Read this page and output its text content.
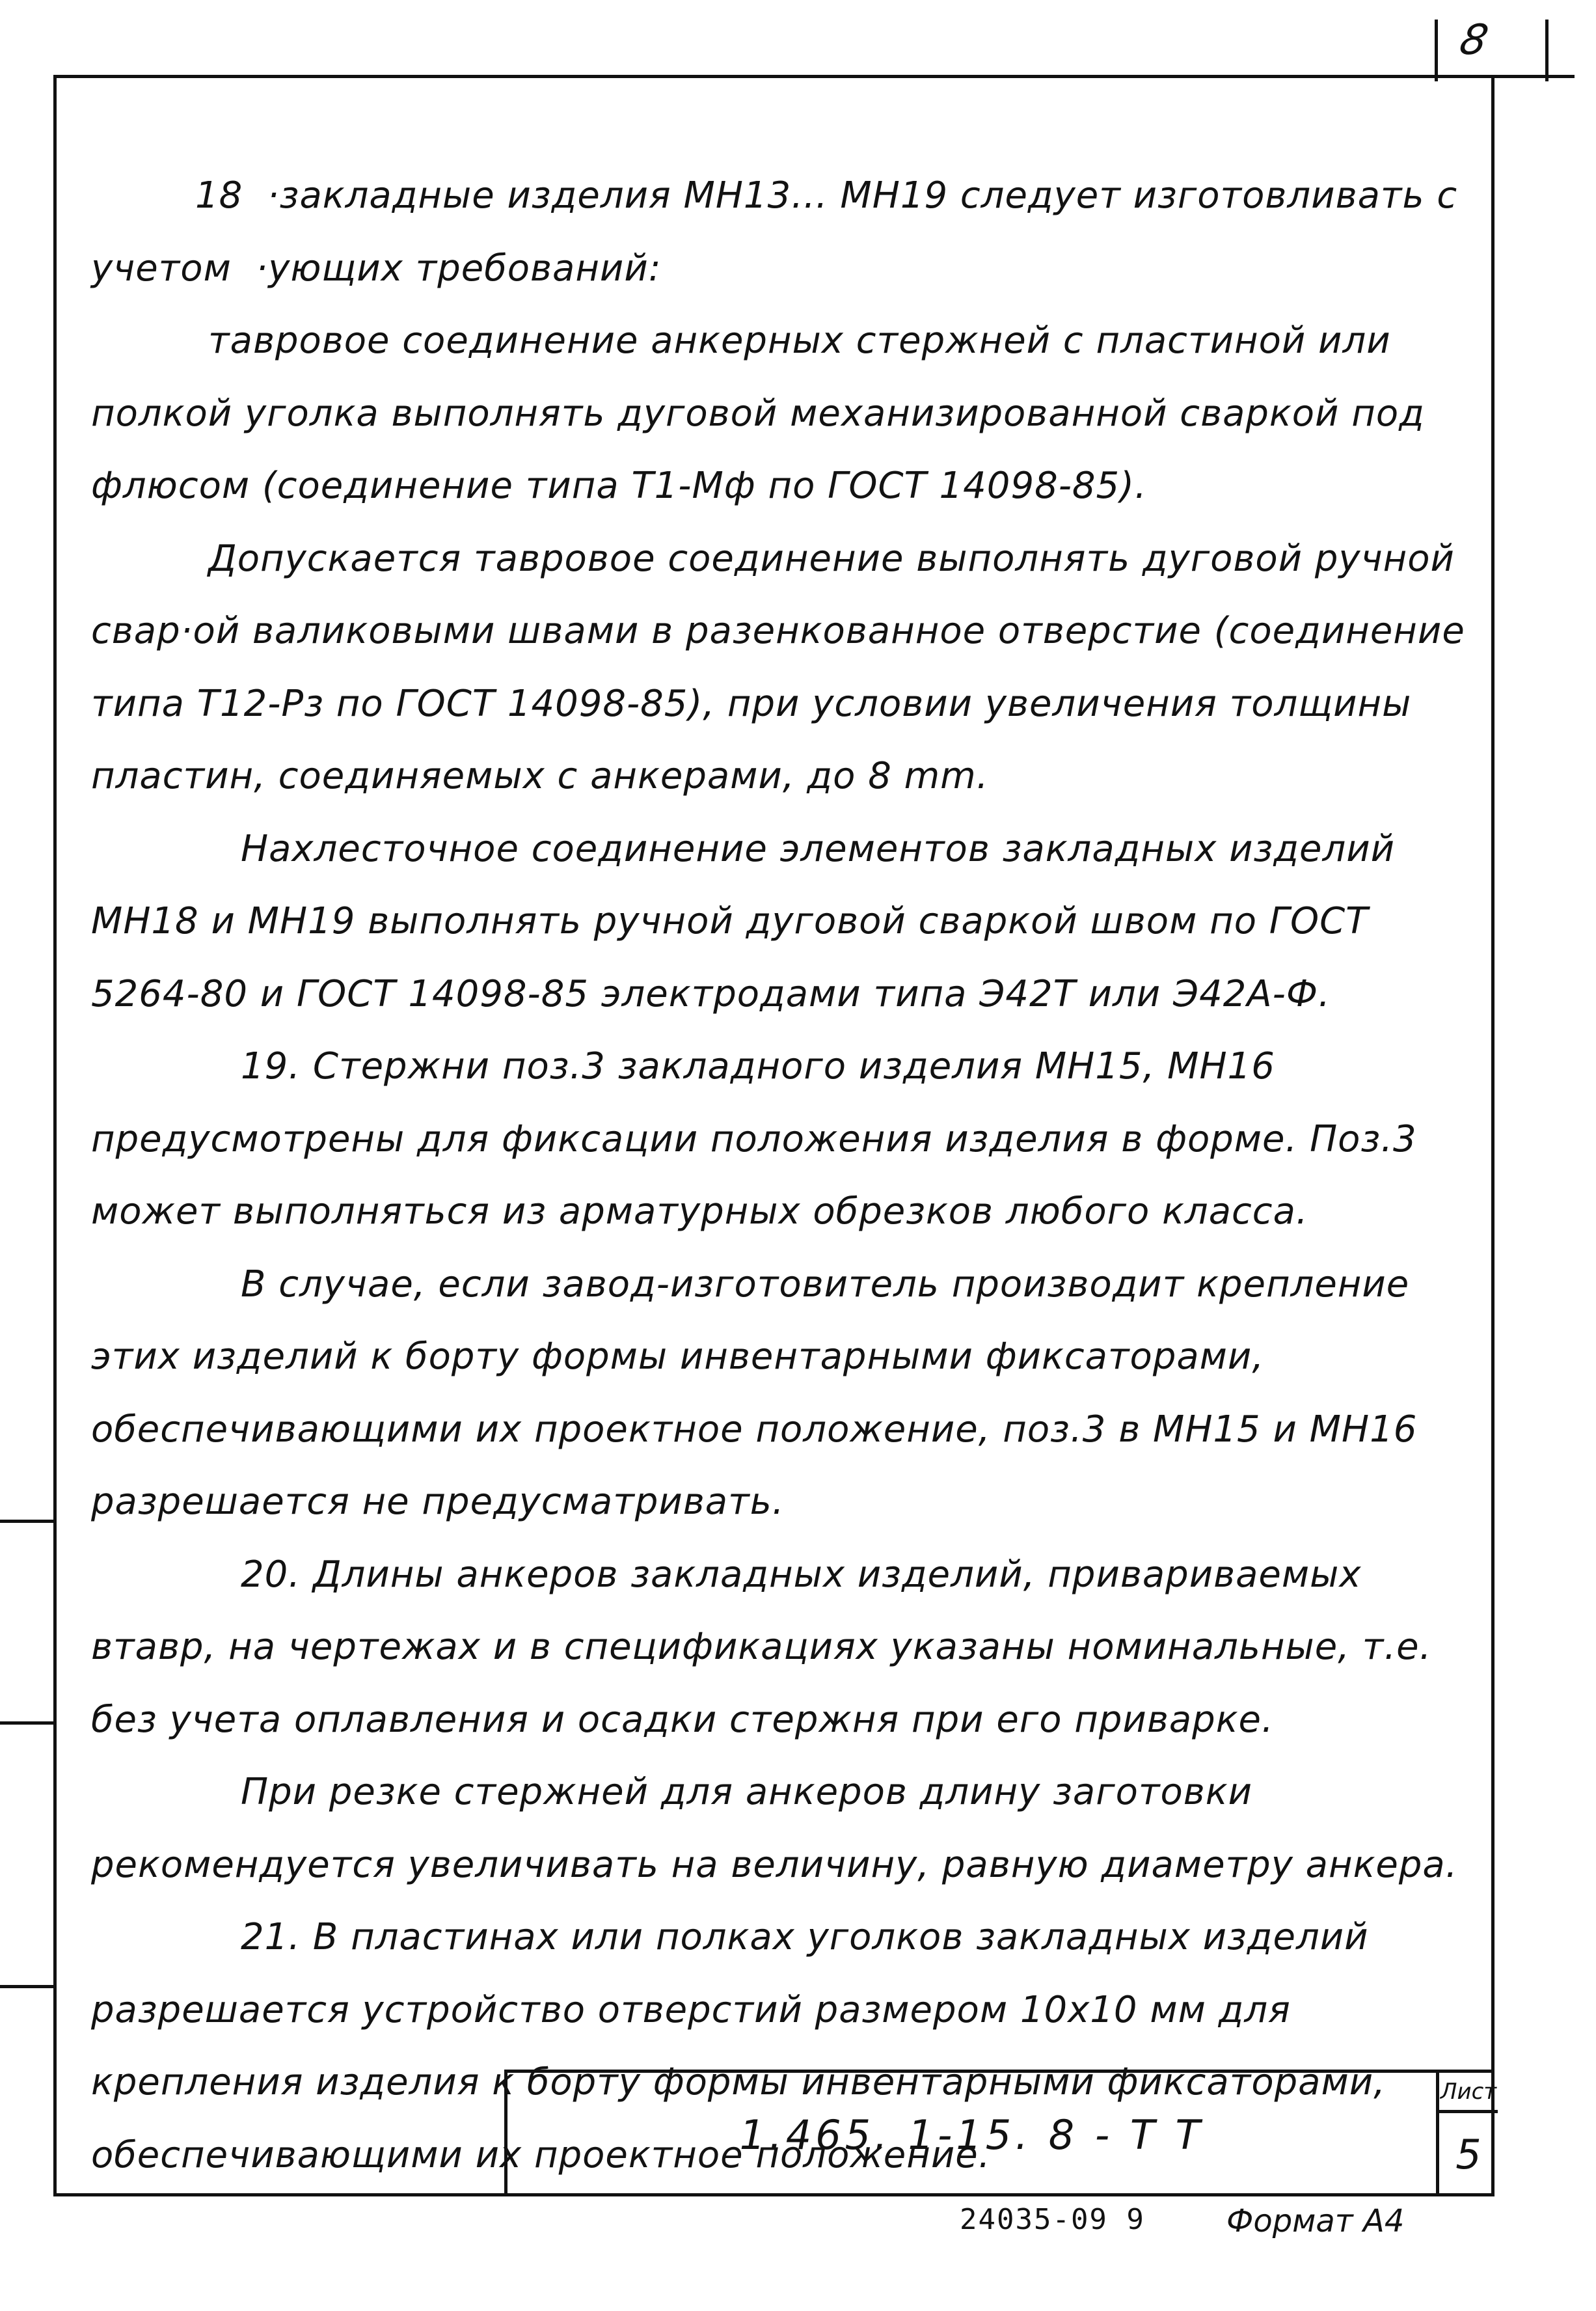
8

18  ·закладные изделия МН13... МН19 следует изготовливать с учетом  ·ующих требований:

тавровое соединение анкерных стержней с пластиной или полкой уголка выполнять дуговой механизированной сваркой под флюсом (соединение типа Т1-Мф по ГОСТ 14098-85).

Допускается тавровое соединение выполнять дуговой ручной свар·ой валиковыми швами в разенкованное отверстие (соединение типа Т12-Рз по ГОСТ 14098-85), при условии увеличения толщины пластин, соединяемых с анкерами, до 8 mm.

Нахлесточное соединение элементов закладных изделий МН18 и МН19 выполнять ручной дуговой сваркой швом по ГОСТ 5264-80 и ГОСТ 14098-85 электродами типа Э42Т или Э42А-Ф.

19. Стержни поз.3 закладного изделия МН15, МН16 предусмотрены для фиксации положения изделия в форме. Поз.3 может выполняться из арматурных обрезков любого класса.

В случае, если завод-изготовитель производит крепление этих изделий к борту формы инвентарными фиксаторами, обеспечивающими их проектное положение, поз.3 в МН15 и МН16 разрешается не предусматривать.

20. Длины анкеров закладных изделий, привариваемых втавр, на чертежах и в спецификациях указаны номинальные, т.е. без учета оплавления и осадки стержня при его приварке.

При резке стержней для анкеров длину заготовки рекомендуется увеличивать на величину, равную диаметру анкера.

21. В пластинах или полках уголков закладных изделий разрешается устройство отверстий размером 10х10 мм для крепления изделия к борту формы инвентарными фиксаторами, обеспечивающими их проектное положение.

1.465. 1-15. 8 - Т Т
Лист
5
24035-09 9	Формат А4
